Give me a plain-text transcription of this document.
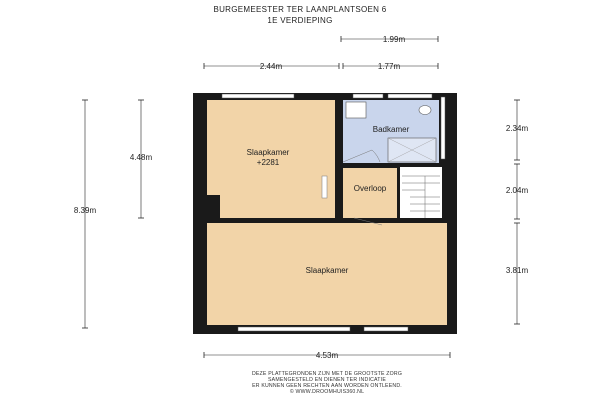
BURGEMEESTER TER LAANPLANTSOEN 6
1E VERDIEPING
1.99m
2.44m	1.77m
4.48m
8.39m
2.34m
2.04m
3.81m
4.53m
Slaapkamer
+2281
Badkamer
Overloop
Slaapkamer
DEZE PLATTEGRONDEN ZIJN MET DE GROOTSTE ZORG
SAMENGESTELD EN DIENEN TER INDICATIE
ER KUNNEN GEEN RECHTEN AAN WORDEN ONTLEEND.
© WWW.DROOMHUIS360.NL
